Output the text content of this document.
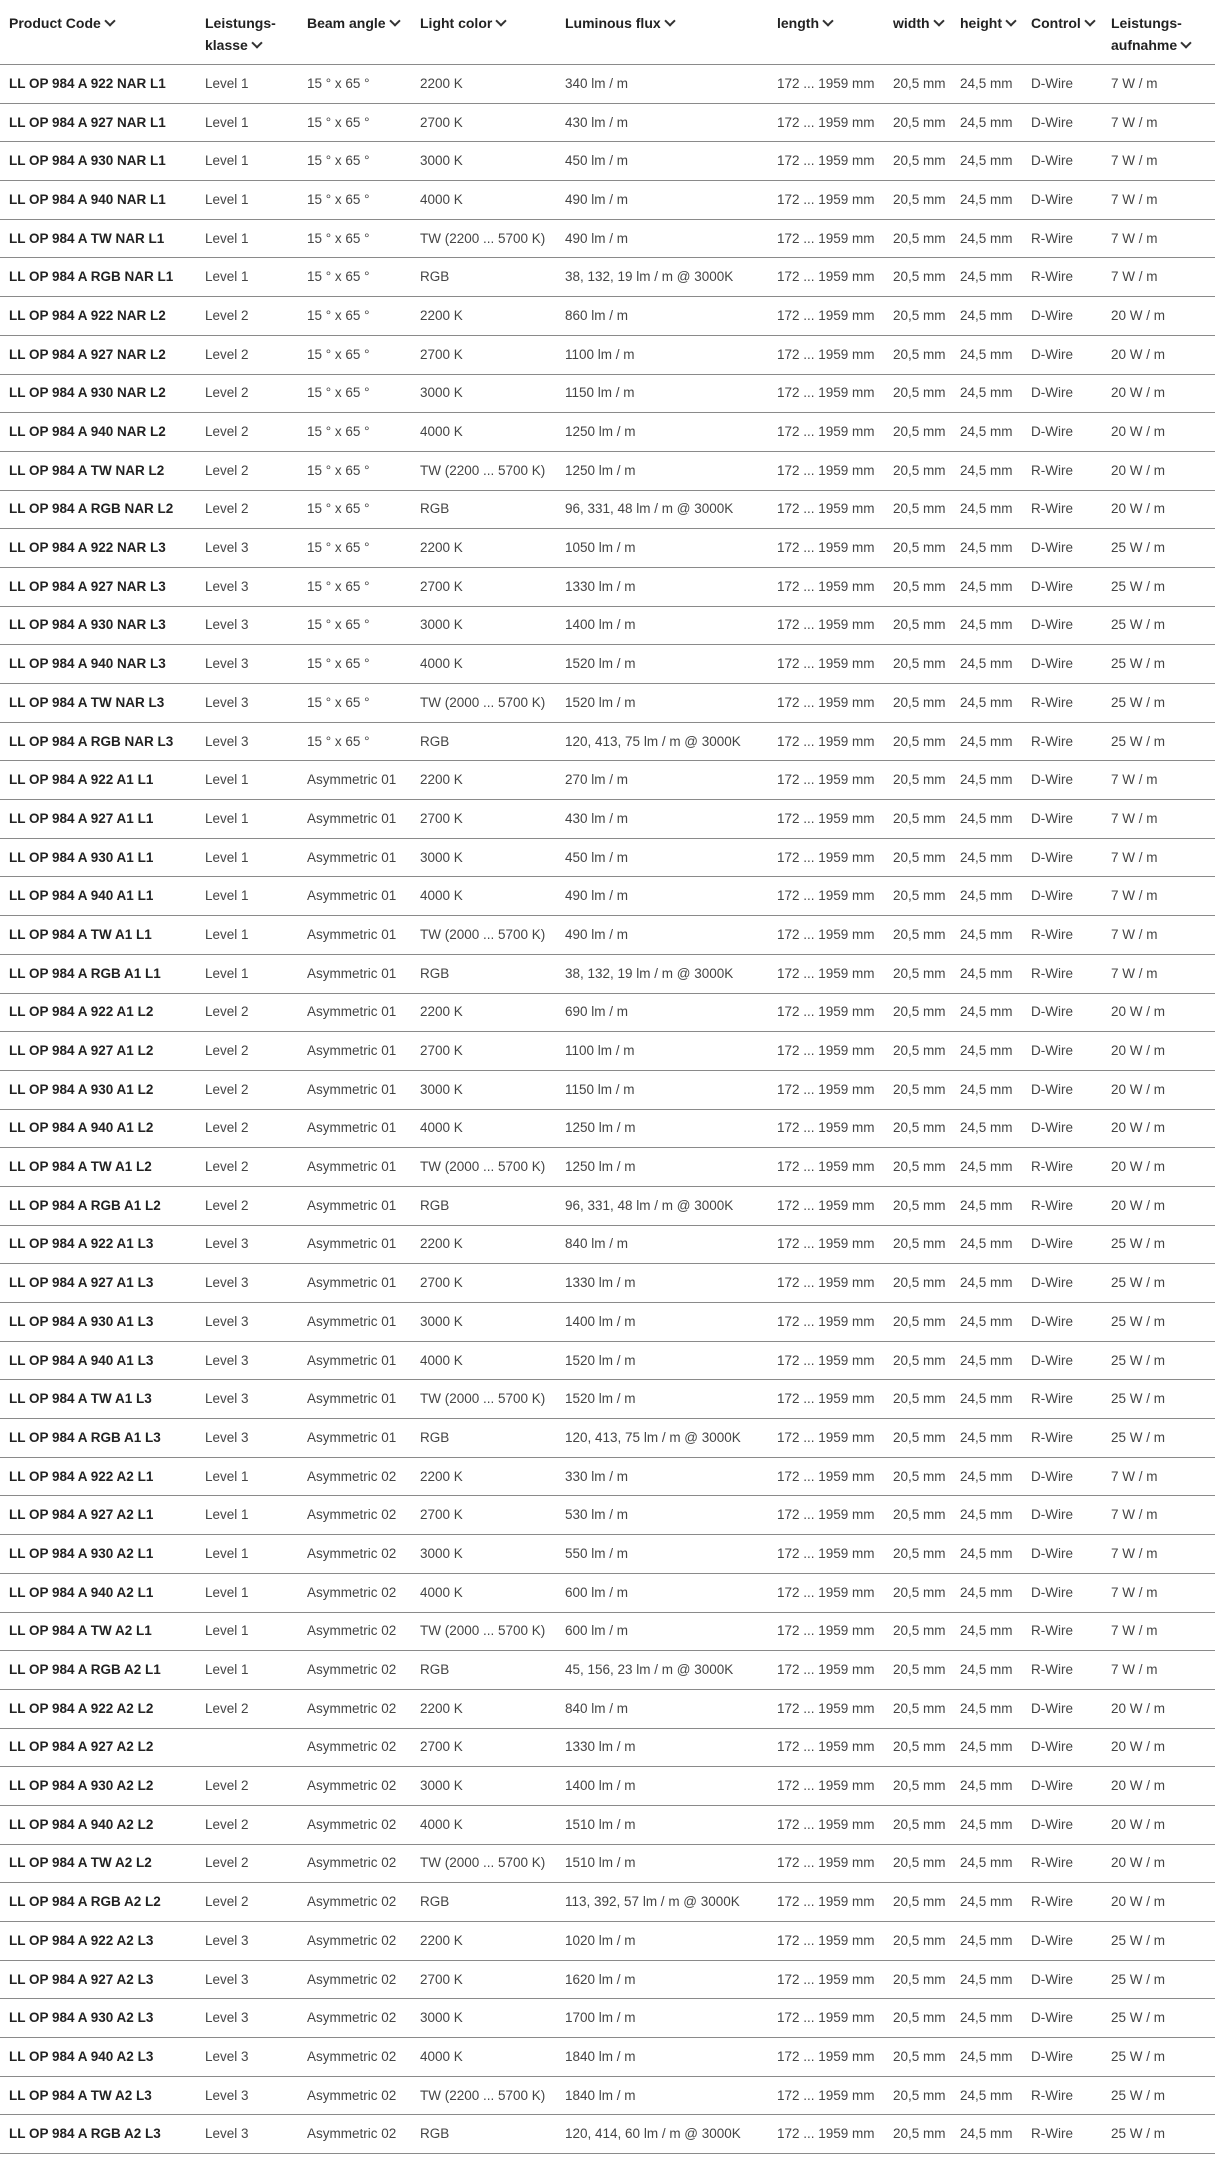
Product Code	Leistungs-klasse	Beam angle	Light color	Luminous flux	length	width	height	Control	Leistungs-aufnahme
LL OP 984 A 922 NAR L1	Level 1	15 ° x 65 °	2200 K	340 lm / m	172 ... 1959 mm	20,5 mm	24,5 mm	D-Wire	7 W / m
LL OP 984 A 927 NAR L1	Level 1	15 ° x 65 °	2700 K	430 lm / m	172 ... 1959 mm	20,5 mm	24,5 mm	D-Wire	7 W / m
LL OP 984 A 930 NAR L1	Level 1	15 ° x 65 °	3000 K	450 lm / m	172 ... 1959 mm	20,5 mm	24,5 mm	D-Wire	7 W / m
LL OP 984 A 940 NAR L1	Level 1	15 ° x 65 °	4000 K	490 lm / m	172 ... 1959 mm	20,5 mm	24,5 mm	D-Wire	7 W / m
LL OP 984 A TW NAR L1	Level 1	15 ° x 65 °	TW (2200 ... 5700 K)	490 lm / m	172 ... 1959 mm	20,5 mm	24,5 mm	R-Wire	7 W / m
LL OP 984 A RGB NAR L1	Level 1	15 ° x 65 °	RGB	38, 132, 19 lm / m @ 3000K	172 ... 1959 mm	20,5 mm	24,5 mm	R-Wire	7 W / m
LL OP 984 A 922 NAR L2	Level 2	15 ° x 65 °	2200 K	860 lm / m	172 ... 1959 mm	20,5 mm	24,5 mm	D-Wire	20 W / m
LL OP 984 A 927 NAR L2	Level 2	15 ° x 65 °	2700 K	1100 lm / m	172 ... 1959 mm	20,5 mm	24,5 mm	D-Wire	20 W / m
LL OP 984 A 930 NAR L2	Level 2	15 ° x 65 °	3000 K	1150 lm / m	172 ... 1959 mm	20,5 mm	24,5 mm	D-Wire	20 W / m
LL OP 984 A 940 NAR L2	Level 2	15 ° x 65 °	4000 K	1250 lm / m	172 ... 1959 mm	20,5 mm	24,5 mm	D-Wire	20 W / m
LL OP 984 A TW NAR L2	Level 2	15 ° x 65 °	TW (2200 ... 5700 K)	1250 lm / m	172 ... 1959 mm	20,5 mm	24,5 mm	R-Wire	20 W / m
LL OP 984 A RGB NAR L2	Level 2	15 ° x 65 °	RGB	96, 331, 48 lm / m @ 3000K	172 ... 1959 mm	20,5 mm	24,5 mm	R-Wire	20 W / m
LL OP 984 A 922 NAR L3	Level 3	15 ° x 65 °	2200 K	1050 lm / m	172 ... 1959 mm	20,5 mm	24,5 mm	D-Wire	25 W / m
LL OP 984 A 927 NAR L3	Level 3	15 ° x 65 °	2700 K	1330 lm / m	172 ... 1959 mm	20,5 mm	24,5 mm	D-Wire	25 W / m
LL OP 984 A 930 NAR L3	Level 3	15 ° x 65 °	3000 K	1400 lm / m	172 ... 1959 mm	20,5 mm	24,5 mm	D-Wire	25 W / m
LL OP 984 A 940 NAR L3	Level 3	15 ° x 65 °	4000 K	1520 lm / m	172 ... 1959 mm	20,5 mm	24,5 mm	D-Wire	25 W / m
LL OP 984 A TW NAR L3	Level 3	15 ° x 65 °	TW (2000 ... 5700 K)	1520 lm / m	172 ... 1959 mm	20,5 mm	24,5 mm	R-Wire	25 W / m
LL OP 984 A RGB NAR L3	Level 3	15 ° x 65 °	RGB	120, 413, 75 lm / m @ 3000K	172 ... 1959 mm	20,5 mm	24,5 mm	R-Wire	25 W / m
LL OP 984 A 922 A1 L1	Level 1	Asymmetric 01	2200 K	270 lm / m	172 ... 1959 mm	20,5 mm	24,5 mm	D-Wire	7 W / m
LL OP 984 A 927 A1 L1	Level 1	Asymmetric 01	2700 K	430 lm / m	172 ... 1959 mm	20,5 mm	24,5 mm	D-Wire	7 W / m
LL OP 984 A 930 A1 L1	Level 1	Asymmetric 01	3000 K	450 lm / m	172 ... 1959 mm	20,5 mm	24,5 mm	D-Wire	7 W / m
LL OP 984 A 940 A1 L1	Level 1	Asymmetric 01	4000 K	490 lm / m	172 ... 1959 mm	20,5 mm	24,5 mm	D-Wire	7 W / m
LL OP 984 A TW A1 L1	Level 1	Asymmetric 01	TW (2000 ... 5700 K)	490 lm / m	172 ... 1959 mm	20,5 mm	24,5 mm	R-Wire	7 W / m
LL OP 984 A RGB A1 L1	Level 1	Asymmetric 01	RGB	38, 132, 19 lm / m @ 3000K	172 ... 1959 mm	20,5 mm	24,5 mm	R-Wire	7 W / m
LL OP 984 A 922 A1 L2	Level 2	Asymmetric 01	2200 K	690 lm / m	172 ... 1959 mm	20,5 mm	24,5 mm	D-Wire	20 W / m
LL OP 984 A 927 A1 L2	Level 2	Asymmetric 01	2700 K	1100 lm / m	172 ... 1959 mm	20,5 mm	24,5 mm	D-Wire	20 W / m
LL OP 984 A 930 A1 L2	Level 2	Asymmetric 01	3000 K	1150 lm / m	172 ... 1959 mm	20,5 mm	24,5 mm	D-Wire	20 W / m
LL OP 984 A 940 A1 L2	Level 2	Asymmetric 01	4000 K	1250 lm / m	172 ... 1959 mm	20,5 mm	24,5 mm	D-Wire	20 W / m
LL OP 984 A TW A1 L2	Level 2	Asymmetric 01	TW (2000 ... 5700 K)	1250 lm / m	172 ... 1959 mm	20,5 mm	24,5 mm	R-Wire	20 W / m
LL OP 984 A RGB A1 L2	Level 2	Asymmetric 01	RGB	96, 331, 48 lm / m @ 3000K	172 ... 1959 mm	20,5 mm	24,5 mm	R-Wire	20 W / m
LL OP 984 A 922 A1 L3	Level 3	Asymmetric 01	2200 K	840 lm / m	172 ... 1959 mm	20,5 mm	24,5 mm	D-Wire	25 W / m
LL OP 984 A 927 A1 L3	Level 3	Asymmetric 01	2700 K	1330 lm / m	172 ... 1959 mm	20,5 mm	24,5 mm	D-Wire	25 W / m
LL OP 984 A 930 A1 L3	Level 3	Asymmetric 01	3000 K	1400 lm / m	172 ... 1959 mm	20,5 mm	24,5 mm	D-Wire	25 W / m
LL OP 984 A 940 A1 L3	Level 3	Asymmetric 01	4000 K	1520 lm / m	172 ... 1959 mm	20,5 mm	24,5 mm	D-Wire	25 W / m
LL OP 984 A TW A1 L3	Level 3	Asymmetric 01	TW (2000 ... 5700 K)	1520 lm / m	172 ... 1959 mm	20,5 mm	24,5 mm	R-Wire	25 W / m
LL OP 984 A RGB A1 L3	Level 3	Asymmetric 01	RGB	120, 413, 75 lm / m @ 3000K	172 ... 1959 mm	20,5 mm	24,5 mm	R-Wire	25 W / m
LL OP 984 A 922 A2 L1	Level 1	Asymmetric 02	2200 K	330 lm / m	172 ... 1959 mm	20,5 mm	24,5 mm	D-Wire	7 W / m
LL OP 984 A 927 A2 L1	Level 1	Asymmetric 02	2700 K	530 lm / m	172 ... 1959 mm	20,5 mm	24,5 mm	D-Wire	7 W / m
LL OP 984 A 930 A2 L1	Level 1	Asymmetric 02	3000 K	550 lm / m	172 ... 1959 mm	20,5 mm	24,5 mm	D-Wire	7 W / m
LL OP 984 A 940 A2 L1	Level 1	Asymmetric 02	4000 K	600 lm / m	172 ... 1959 mm	20,5 mm	24,5 mm	D-Wire	7 W / m
LL OP 984 A TW A2 L1	Level 1	Asymmetric 02	TW (2000 ... 5700 K)	600 lm / m	172 ... 1959 mm	20,5 mm	24,5 mm	R-Wire	7 W / m
LL OP 984 A RGB A2 L1	Level 1	Asymmetric 02	RGB	45, 156, 23 lm / m @ 3000K	172 ... 1959 mm	20,5 mm	24,5 mm	R-Wire	7 W / m
LL OP 984 A 922 A2 L2	Level 2	Asymmetric 02	2200 K	840 lm / m	172 ... 1959 mm	20,5 mm	24,5 mm	D-Wire	20 W / m
LL OP 984 A 927 A2 L2		Asymmetric 02	2700 K	1330 lm / m	172 ... 1959 mm	20,5 mm	24,5 mm	D-Wire	20 W / m
LL OP 984 A 930 A2 L2	Level 2	Asymmetric 02	3000 K	1400 lm / m	172 ... 1959 mm	20,5 mm	24,5 mm	D-Wire	20 W / m
LL OP 984 A 940 A2 L2	Level 2	Asymmetric 02	4000 K	1510 lm / m	172 ... 1959 mm	20,5 mm	24,5 mm	D-Wire	20 W / m
LL OP 984 A TW A2 L2	Level 2	Asymmetric 02	TW (2000 ... 5700 K)	1510 lm / m	172 ... 1959 mm	20,5 mm	24,5 mm	R-Wire	20 W / m
LL OP 984 A RGB A2 L2	Level 2	Asymmetric 02	RGB	113, 392, 57 lm / m @ 3000K	172 ... 1959 mm	20,5 mm	24,5 mm	R-Wire	20 W / m
LL OP 984 A 922 A2 L3	Level 3	Asymmetric 02	2200 K	1020 lm / m	172 ... 1959 mm	20,5 mm	24,5 mm	D-Wire	25 W / m
LL OP 984 A 927 A2 L3	Level 3	Asymmetric 02	2700 K	1620 lm / m	172 ... 1959 mm	20,5 mm	24,5 mm	D-Wire	25 W / m
LL OP 984 A 930 A2 L3	Level 3	Asymmetric 02	3000 K	1700 lm / m	172 ... 1959 mm	20,5 mm	24,5 mm	D-Wire	25 W / m
LL OP 984 A 940 A2 L3	Level 3	Asymmetric 02	4000 K	1840 lm / m	172 ... 1959 mm	20,5 mm	24,5 mm	D-Wire	25 W / m
LL OP 984 A TW A2 L3	Level 3	Asymmetric 02	TW (2200 ... 5700 K)	1840 lm / m	172 ... 1959 mm	20,5 mm	24,5 mm	R-Wire	25 W / m
LL OP 984 A RGB A2 L3	Level 3	Asymmetric 02	RGB	120, 414, 60 lm / m @ 3000K	172 ... 1959 mm	20,5 mm	24,5 mm	R-Wire	25 W / m
